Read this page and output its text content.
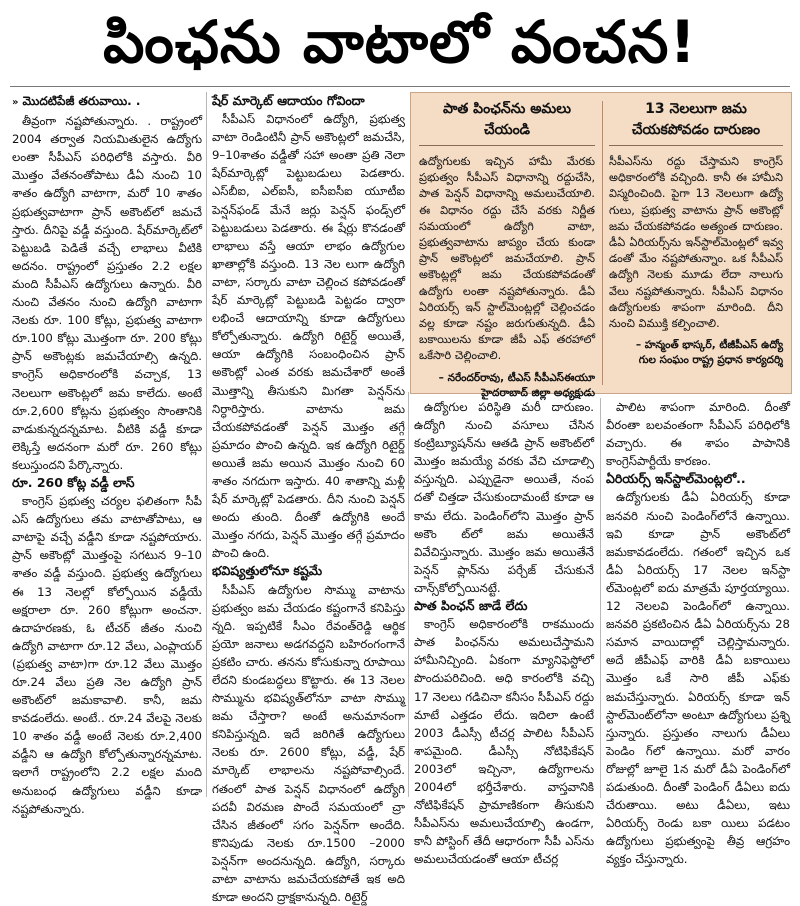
పింఛను వాటాలో వంచన!

» మొదటిపేజీ తరువాయి. .

తీవ్రంగా నష్టపోతున్నారు. . రాష్ట్రంలో 2004 తర్వాత నియమితులైన ఉద్యోగు లంతా సీపీఎస్ పరిధిలోకి వస్తారు. వీరి మొత్తం వేతనంతోపాటు డీఏ నుంచి 10 శాతం ఉద్యోగి వాటాగా, మరో 10 శాతం ప్రభుత్వవాటాగా ప్రాన్ అకౌంట్‌లో జమచే స్తారు. దీనిపై వడ్డీ వస్తుంది. షేర్‌మార్కెట్‌లో పెట్టుబడి పెడితే వచ్చే లాభాలు వీటికి అదనం. రాష్ట్రంలో ప్రస్తుతం 2.2 లక్షల మంది సీపీఎస్ ఉద్యోగులు ఉన్నారు. వీరి నుంచి వేతనం నుంచి ఉద్యోగి వాటాగా నెలకు రూ. 100 కోట్లు, ప్రభుత్వ వాటాగా రూ.100 కోట్లు మొత్తంగా రూ. 200 కోట్లు ప్రాన్ అకౌంట్లకు జమచేయాల్సి ఉన్నది. కాంగ్రెస్ అధికారంలోకి వచ్చాక, 13 నెలలుగా అకౌంట్లలో జమ కాలేదు. అంటే రూ.2,600 కోట్లను ప్రభుత్వం సొంతానికి వాడుకున్నదన్నమాట. వీటికి వడ్డీ కూడా లెక్కిస్తే అదనంగా మరో రూ. 260 కోట్లు కలుస్తుందని పేర్కొన్నారు.

రూ. 260 కోట్ల వడ్డీ లాస్

కాంగ్రెస్ ప్రభుత్వ చర్యల ఫలితంగా సీపీ ఎస్ ఉద్యోగులు తమ వాటాతోపాటు, ఆ వాటాపై వచ్చే వడ్డీని కూడా నష్టపోయారు. ప్రాన్ అకౌంట్లో మొత్తంపై సగటున 9–10 శాతం వడ్డీ వస్తుంది. ప్రభుత్వ ఉద్యోగులు ఈ 13 నెలల్లో కోల్పోయిన వడ్డీయే అక్షరాలా రూ. 260 కోట్లుగా అంచనా. ఉదాహరణకు, ఓ టీచర్ జీతం నుంచి ఉద్యోగి వాటాగా రూ.12 వేలు, ఎంప్లాయర్ (ప్రభుత్వ వాటా)గా రూ.12 వేలు మొత్తం రూ.24 వేలు ప్రతి నెల ఉద్యోగి ప్రాన్ అకౌంట్‌లో జమకావాలి. కానీ, జమ కావడంలేదు. అంటే.. రూ.24 వేలపై నెలకు 10 శాతం వడ్డీ అంటే నెలకు రూ.2,400 వడ్డీని ఆ ఉద్యోగి కోల్పోతున్నారన్నమాట. ఇలాగే రాష్ట్రంలోని 2.2 లక్షల మంది అనుబంధ ఉద్యోగులు వడ్డీని కూడా నష్టపోతున్నారు.

షేర్ మార్కెట్ ఆదాయం గోవిందా

సీపీఎస్ విధానంలో ఉద్యోగి, ప్రభుత్వ వాటా రెండింటినీ ప్రాన్ అకౌంట్లలో జమచేసి, 9–10శాతం వడ్డీతో సహా అంతా ప్రతి నెలా షేర్‌మార్కెట్లో పెట్టుబడులు పెడతారు. ఎస్‌బీఐ, ఎల్‌ఐసీ, ఐసీఐసీఐ యూటీఐ పెన్షన్‌ఫండ్ మేనే జర్లు పెన్షన్ ఫండ్స్‌లో పెట్టుబడులు పెడతారు. ఈ షేర్లు కొనడంతో లాభాలు వస్తే ఆయా లాభం ఉద్యోగుల ఖాతాల్లోకి వస్తుంది. 13 నెల లుగా ఉద్యోగి వాటా, సర్కారు వాటా చెల్లించ కపోవడంతో షేర్ మార్కెట్లో పెట్టుబడి పెట్టడం ద్వారా లభించే ఆదాయాన్ని కూడా ఉద్యోగులు కోల్పోతున్నారు. ఉద్యోగి రిటైర్డ్ అయితే, ఆయా ఉద్యోగికి సంబంధించిన ప్రాన్ అకౌంట్లో ఎంత వరకు జమచేశారో అంతే మొత్తాన్ని తీసుకుని మిగతా పెన్షన్‌ను నిర్ధారిస్తారు. వాటాను జమ చేయకపోవడంతో పెన్షన్ మొత్తం తగ్గే ప్రమాదం పొంచి ఉన్నది. ఇక ఉద్యోగి రిటైర్డ్ అయితే జమ అయిన మొత్తం నుంచి 60 శాతం నగదుగా ఇస్తారు. 40 శాతాన్ని మళ్లీ షేర్ మార్కెట్లో పెడతారు. దీని నుంచి పెన్షన్ అందు తుంది. దీంతో ఉద్యోగికి అందే మొత్తం నగదు, పెన్షన్ మొత్తం తగ్గే ప్రమాదం పొంచి ఉంది.

భవిష్యత్తులోనూ కష్టమే

సీపీఎస్ ఉద్యోగుల సొమ్ము వాటాను ప్రభుత్వం జమ చేయడం కష్టంగానే కనిపిస్తు న్నది. ఇప్పటికే సీఎం రేవంత్‌రెడ్డి ఆర్థిక ప్రయో జనాలు అడగవద్దని బహిరంగంగానే ప్రకటిం చారు. తనను కోసుకున్నా రూపాయి లేదని కుండబద్ధలు కొట్టారు. ఈ 13 నెలల సొమ్మును భవిష్యత్‌లోనూ వాటా సొమ్ము జమ చేస్తారా? అంటే అనుమానంగా కనిపిస్తున్నది. ఇదే జరిగితే ఉద్యోగులు నెలకు రూ. 2600 కోట్లు, వడ్డీ, షేర్ మార్కెట్ లాభాలను నష్టపోవాల్సిందే. గతంలో పాత పెన్షన్ విధానంలో ఉద్యోగి పదవీ విరమణ పొందే సమయంలో చ్రా చేసిన జీతంలో సగం పెన్షన్‌గా అందేది. కొనిపుడు నెలకు రూ.1500 –2000 పెన్షన్‌గా అందనున్నది. ఉద్యోగి, సర్కారు వాటా వాటాను జమచేయకపోతే ఇక అది కూడా అందని ద్రాక్షకానున్నది. రిటైర్డ్

పాత పింఛన్‌ను అమలు చేయండి
ఉద్యోగులకు ఇచ్చిన హామీ మేరకు ప్రభుత్వం సీపీఎస్ విధానాన్ని రద్దుచేసి, పాత పెన్షన్ విధానాన్ని అమలుచేయాలి. ఈ విధానం రద్దు చేసే వరకు నిర్ణీత సమయంలో ఉద్యోగి వాటా, ప్రభుత్వవాటాను జాప్యం చేయ కుండా ప్రాన్ అకౌంట్లలో జమచేయాలి. ప్రాన్ అకౌంట్లల్లో జమ చేయకపోవడంతో ఉద్యోగు లంతా నష్టపోతున్నారు. డీఏ ఏరియర్స్ ఇన్ స్టాల్‌మెంట్లల్లో చెల్లించడం వల్ల కూడా నష్టం జరుగుతున్నది. డీఏ బకాయిలను కూడా జీపీ ఎఫ్ తరహాలో ఒకేసారి చెల్లించాలి.
– నరేందర్‌రావు, టీఎస్ సీపీఎస్‌ఈయూ
హైదరాబాద్ జిల్లా అధ్యక్షుడు
13 నెలలుగా జమ చేయకపోవడం దారుణం
సీపీఎస్‌ను రద్దు చేస్తామని కాంగ్రెస్ అధికారంలోకి వచ్చింది. కానీ ఈ హామీని విస్మరించింది. పైగా 13 నెలలుగా ఉద్యో గులు, ప్రభుత్వ వాటాను ప్రాన్ అకౌంట్లో జమ చేయకపోవడం అత్యంత దారుణం. డీఏ ఏరియర్స్‌ను ఇన్‌స్టాల్‌మెంట్లలో ఇవ్వ డంతో మేం నష్టపోతున్నాం. ఒక సీపీఎస్ ఉద్యోగి నెలకు మూడు లేదా నాలుగు వేలు నష్టపోతున్నారు. సీపీఎస్ విధానం ఉద్యోగులకు శాపంగా మారింది. దీని నుంచి విముక్తి కల్పించాలి.
– హన్మంత్ భాస్కర్, టీజీపీఎస్ ఉద్యో
గుల సంఘం రాష్ట్ర ప్రధాన కార్యదర్శి

ఉద్యోగుల పరిస్థితి మరీ దారుణం. ఉద్యోగి నుంచి వసూలు చేసిన కంట్రిబ్యూషన్‌ను ఆతడి ప్రాన్ అకౌంట్‌లో మొత్తం జమయ్యే వరకు వేచి చూడాల్సి వస్తున్నది. ఎప్పుడైనా అయితే, నంప దతో చిత్తడా చేసుకుందామంటే కూడా ఆ కామ లేదు. పెండింగ్‌లోని మొత్తం ప్రాన్ అకౌం ట్‌లో జమ అయితేనే వివేచిస్తున్నారు. మొత్తం జమ అయితేనే పెన్షన్ ప్లాన్‌ను పర్చేజ్ చేసుకునే చాన్స్‌కోల్పోయినట్టే.

పాత పింఛన్ జాడే లేదు

కాంగ్రెస్ అధికారంలోకి రాకముందు పాత పింఛన్‌ను అమలుచేస్తామని హామీనిచ్చింది. ఏకంగా మ్యానిఫెస్టోలో పొందుపరిచింది. అధి కారంలోకి వచ్చి 17 నెలలు గడిచినా కనీసం సీపీఎస్ రద్దు మాటే ఎత్తడం లేదు. ఇదిలా ఉంటే 2003 డీఎస్సీ టీచర్ల పాలిట సీపీఎస్ శాపమైంది. డీఎస్సీ నోటిఫికేషన్ 2003లో ఇచ్చినా, ఉద్యోగాలను 2004లో భర్తీచేశారు. వాస్తవానికి నోటిఫికేషన్‌ ప్రామాణికంగా తీసుకుని సీపీఎస్‌ను అమలుచేయాల్సి ఉండగా, కానీ పోస్టింగ్ తేదీ ఆధారంగా సీపీ ఎస్‌ను అమలుచేయడంతో ఆయా టీచర్ల

పాలిట శాపంగా మారింది. దీంతో వీరంతా బలవంతంగా సీపీఎస్ పరిధిలోకి వచ్చారు. ఈ శాపం పాపానికి కాంగ్రెస్‌పార్టీయే కారణం.

ఏరియర్స్ ఇన్‌స్టాల్‌మెంట్లలో..

ఉద్యోగులకు డీఏ ఏరియర్స్ కూడా జనవరి నుంచి పెండింగ్‌లోనే ఉన్నాయి. ఇవి కూడా ప్రాన్ అకౌంట్‌లో జమకావడంలేదు. గతంలో ఇచ్చిన ఒక డీఏ ఏరియర్స్ 17 నెలల ఇన్‌స్టా ల్‌మెంట్లలో ఐదు మాత్రమే పూర్తయ్యాయి. 12 నెలలవి పెండింగ్‌లో ఉన్నాయి. జనవరి ప్రకటించిన డీఏ ఏరియర్స్‌ను 28 సమాన వాయిదాల్లో చెల్లిస్తామన్నారు. అదే జీపీఎఫ్ వారికి డీఏ బకాయిలు మొత్తం ఒకే సారి జీపీ ఎఫ్‌కు జమచేస్తున్నారు. ఏరియర్స్ కూడా ఇన్ స్టాల్‌మెంట్‌లోనా అంటూ ఉద్యోగులు ప్రశ్ని స్తున్నారు. ప్రస్తుతం నాలుగు డీఏలు పెండిం గ్‌లో ఉన్నాయి. మరో వారం రోజుల్లో జూలై 1న మరో డీఏ పెండింగ్‌లో పడుతుంది. దీంతో పెండింగ్ డీఏలు ఐదు చేరుతాయి. అటు డీఏలు, ఇటు ఏరియర్స్ రెండు బకా యిలు పడటం ఉద్యోగులు ప్రభుత్వంపై తీవ్ర ఆగ్రహం వ్యక్తం చేస్తున్నారు.
